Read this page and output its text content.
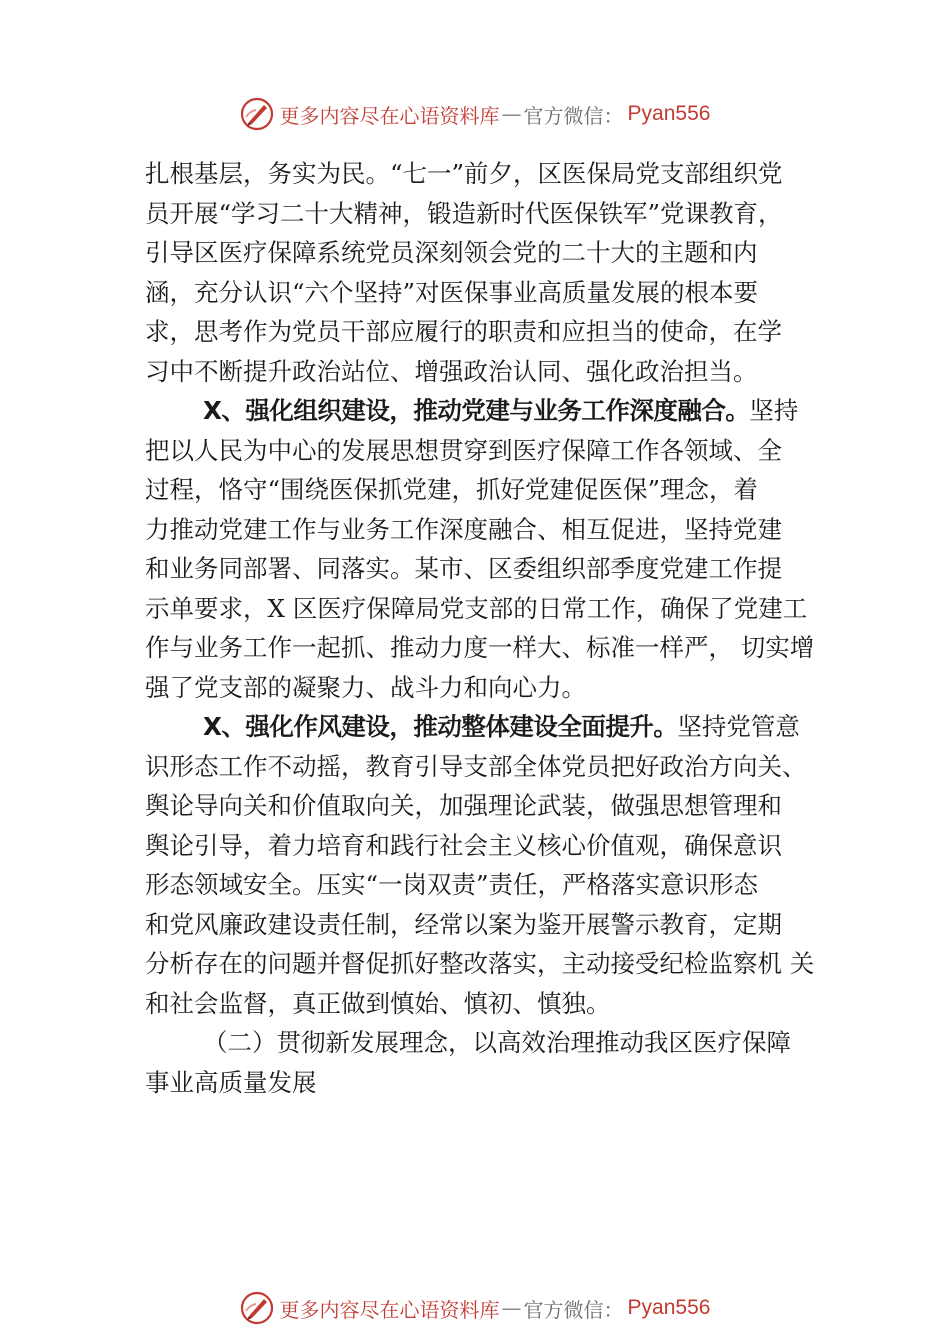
更多内容尽在心语资料库 — 官方微信： Pyan556
扎根基层，务实为民。“七一”前夕，区医保局党支部组织党
员开展“学习二十大精神，锻造新时代医保铁军”党课教育，
引导区医疗保障系统党员深刻领会党的二十大的主题和内
涵，充分认识“六个坚持”对医保事业高质量发展的根本要
求，思考作为党员干部应履行的职责和应担当的使命，在学
习中不断提升政治站位、增强政治认同、强化政治担当。
X、强化组织建设，推动党建与业务工作深度融合。坚持
把以人民为中心的发展思想贯穿到医疗保障工作各领域、全
过程，恪守“围绕医保抓党建，抓好党建促医保”理念，着
力推动党建工作与业务工作深度融合、相互促进，坚持党建
和业务同部署、同落实。某市、区委组织部季度党建工作提
示单要求，X 区医疗保障局党支部的日常工作，确保了党建工
作与业务工作一起抓、推动力度一样大、标准一样严， 切实增
强了党支部的凝聚力、战斗力和向心力。
X、强化作风建设，推动整体建设全面提升。坚持党管意
识形态工作不动摇，教育引导支部全体党员把好政治方向关、
舆论导向关和价值取向关，加强理论武装，做强思想管理和
舆论引导，着力培育和践行社会主义核心价值观，确保意识
形态领域安全。压实“一岗双责”责任，严格落实意识形态
和党风廉政建设责任制，经常以案为鉴开展警示教育，定期
分析存在的问题并督促抓好整改落实，主动接受纪检监察机 关
和社会监督，真正做到慎始、慎初、慎独。
（二）贯彻新发展理念，以高效治理推动我区医疗保障
事业高质量发展
更多内容尽在心语资料库 — 官方微信： Pyan556
